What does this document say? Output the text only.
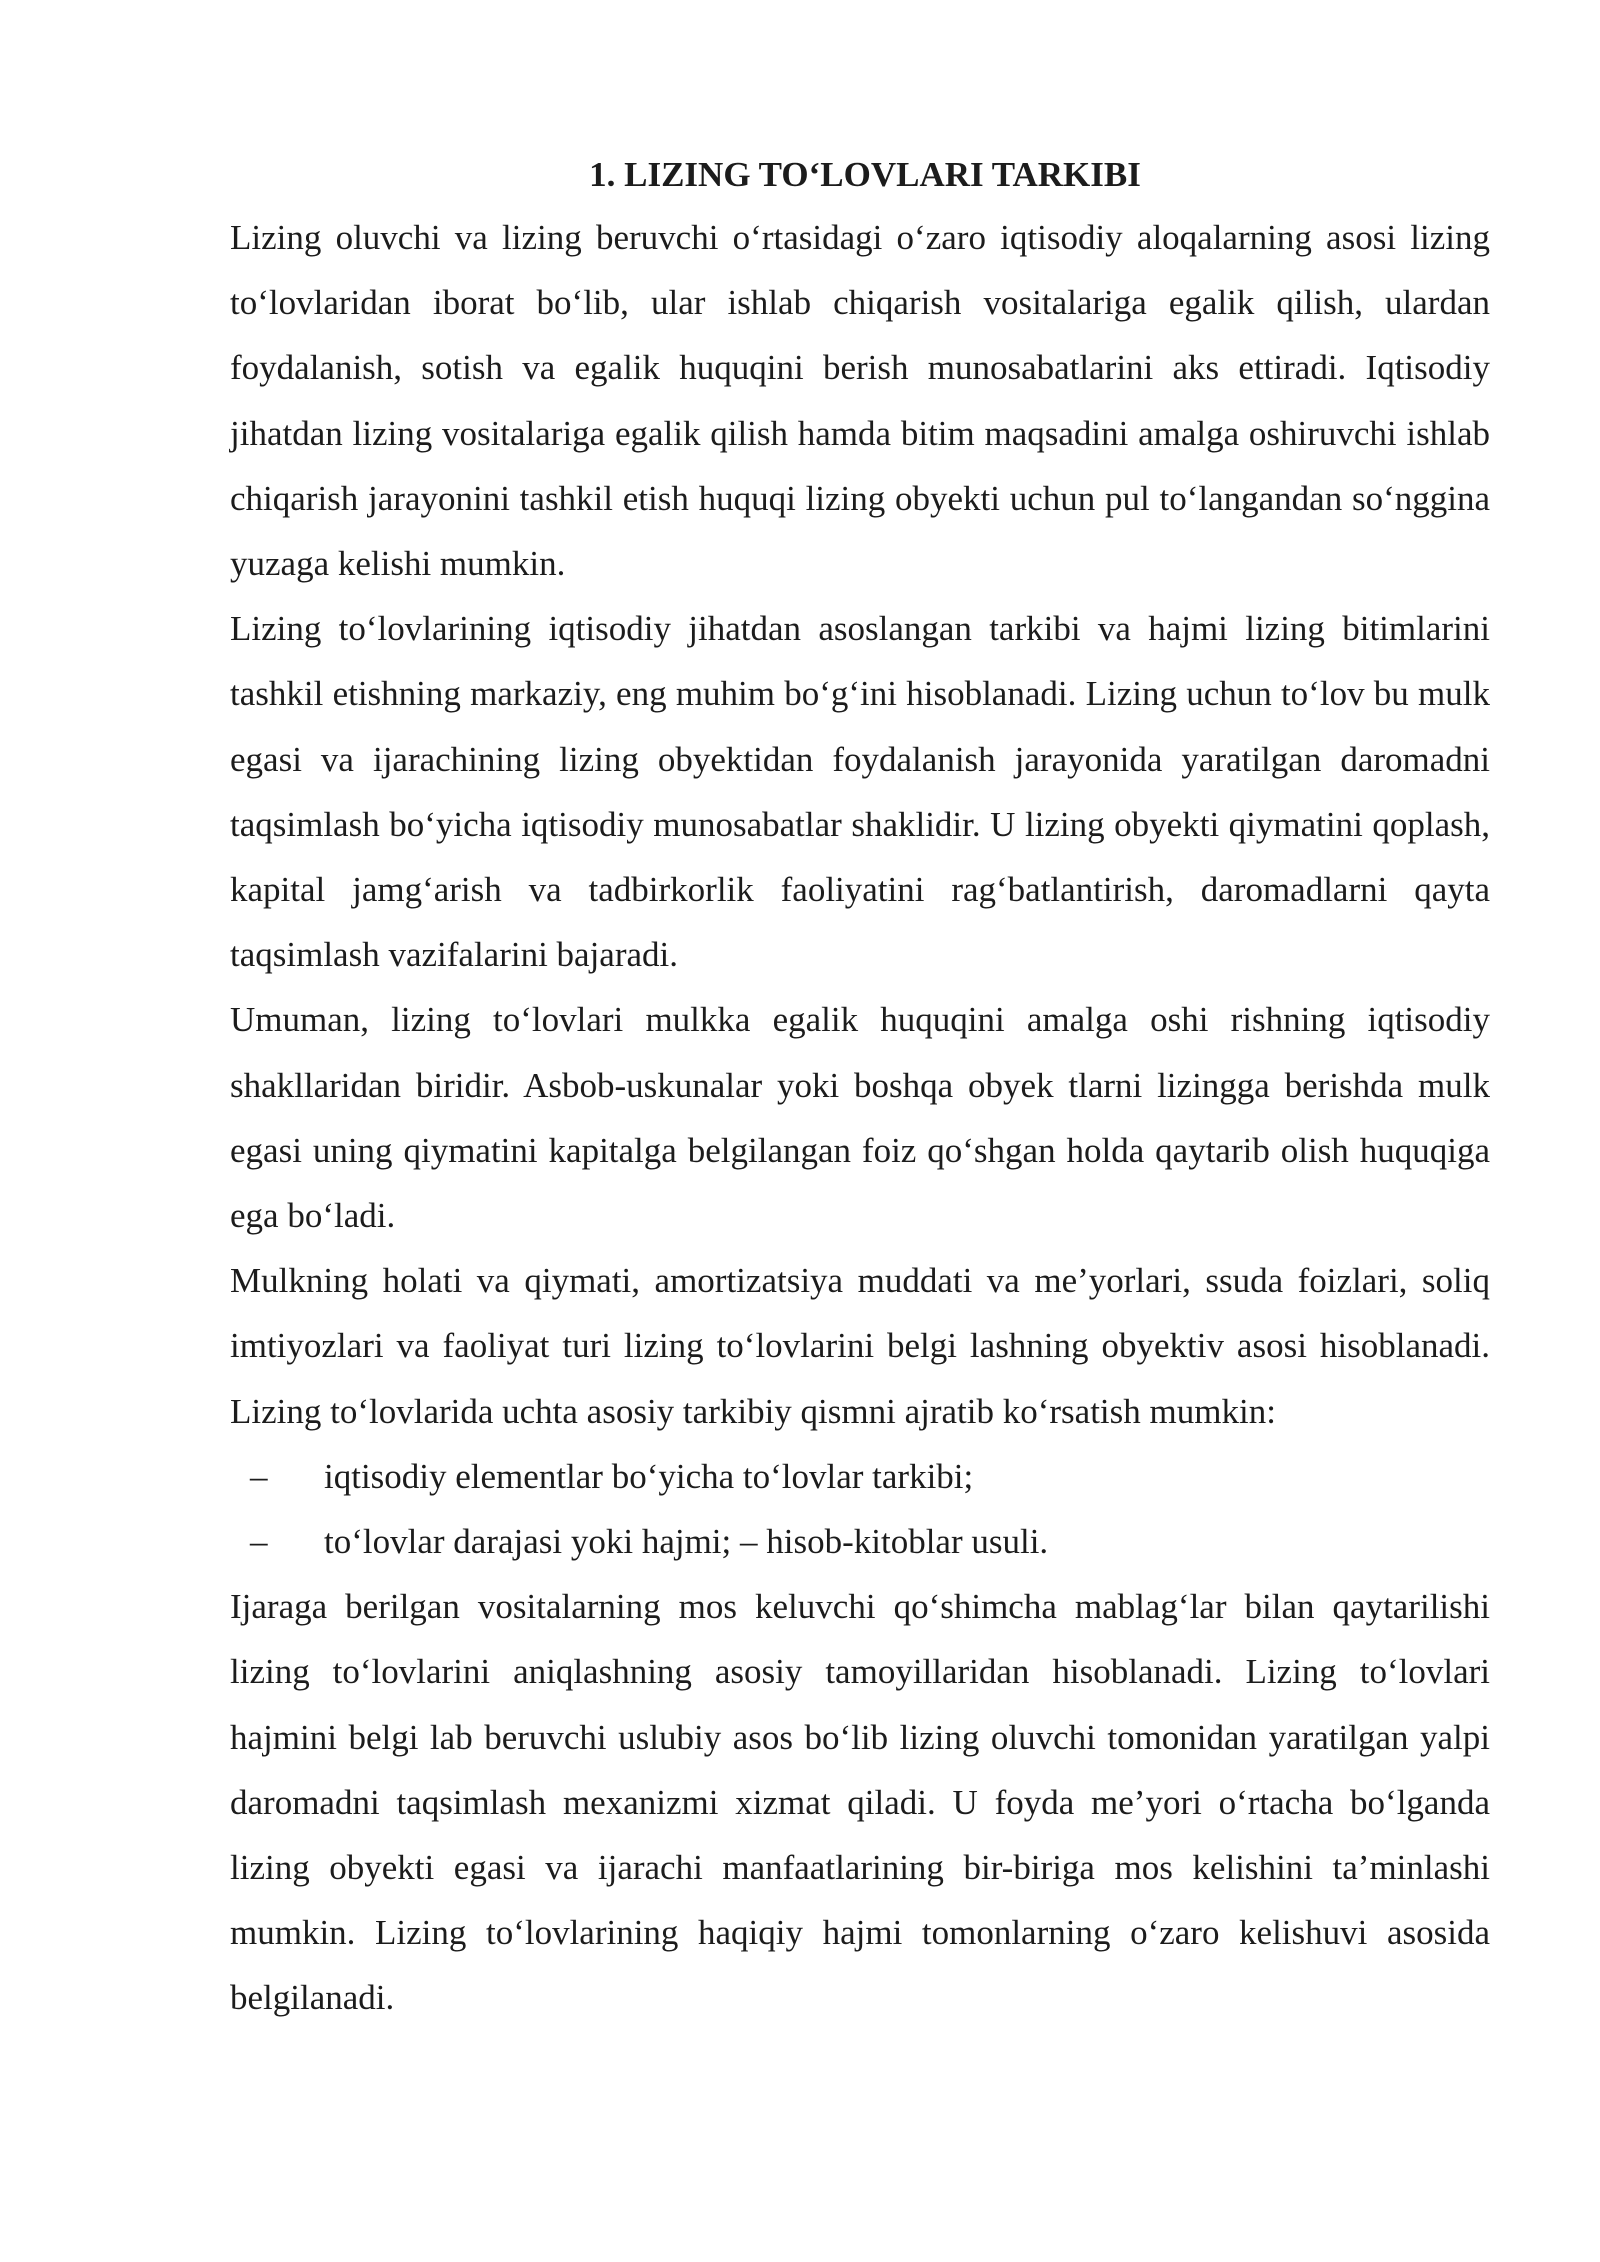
1. LIZING TO‘LOVLARI TARKIBI

Lizing oluvchi va lizing beruvchi o‘rtasidagi o‘zaro iqtisodiy aloqalarning asosi lizing to‘lovlaridan iborat bo‘lib, ular ishlab chiqarish vositalariga egalik qilish, ulardan foydalanish, sotish va egalik huquqini berish munosabatlarini aks ettiradi. Iqtisodiy jihatdan lizing vositalariga egalik qilish hamda bitim maqsadini amalga oshiruvchi ishlab chiqarish jarayonini tashkil etish huquqi lizing obyekti uchun pul to‘langandan so‘nggina yuzaga kelishi mumkin.

Lizing to‘lovlarining iqtisodiy jihatdan asoslangan tarkibi va hajmi lizing bitimlarini tashkil etishning markaziy, eng muhim bo‘g‘ini hisoblanadi. Lizing uchun to‘lov bu mulk egasi va ijarachining lizing obyektidan foydalanish jarayonida yaratilgan daromadni taqsimlash bo‘yicha iqtisodiy munosabatlar shaklidir. U lizing obyekti qiymatini qoplash, kapital jamg‘arish va tadbirkorlik faoliyatini rag‘batlantirish, daromadlarni qayta taqsimlash vazifalarini bajaradi.

Umuman, lizing to‘lovlari mulkka egalik huquqini amalga oshi rishning iqtisodiy shakllaridan biridir. Asbob-uskunalar yoki boshqa obyek tlarni lizingga berishda mulk egasi uning qiymatini kapitalga belgilangan foiz qo‘shgan holda qaytarib olish huquqiga ega bo‘ladi.

Mulkning holati va qiymati, amortizatsiya muddati va me’yorlari, ssuda foizlari, soliq imtiyozlari va faoliyat turi lizing to‘lovlarini belgi lashning obyektiv asosi hisoblanadi. Lizing to‘lovlarida uchta asosiy tarkibiy qismni ajratib ko‘rsatish mumkin:

– iqtisodiy elementlar bo‘yicha to‘lovlar tarkibi;
– to‘lovlar darajasi yoki hajmi; – hisob-kitoblar usuli.

Ijaraga berilgan vositalarning mos keluvchi qo‘shimcha mablag‘lar bilan qaytarilishi lizing to‘lovlarini aniqlashning asosiy tamoyillaridan hisoblanadi. Lizing to‘lovlari hajmini belgi lab beruvchi uslubiy asos bo‘lib lizing oluvchi tomonidan yaratilgan yalpi daromadni taqsimlash mexanizmi xizmat qiladi. U foyda me’yori o‘rtacha bo‘lganda lizing obyekti egasi va ijarachi manfaatlarining bir-biriga mos kelishini ta’minlashi mumkin. Lizing to‘lovlarining haqiqiy hajmi tomonlarning o‘zaro kelishuvi asosida belgilanadi.
